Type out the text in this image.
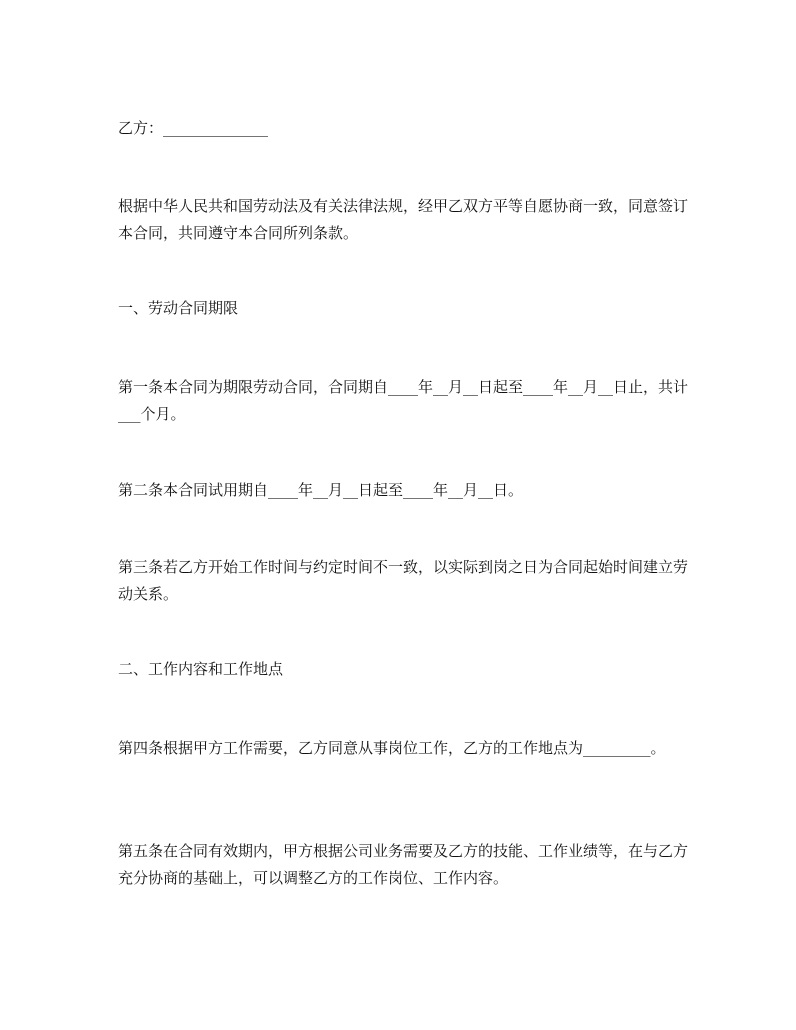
乙方：______________

根据中华人民共和国劳动法及有关法律法规，经甲乙双方平等自愿协商一致，同意签订本合同，共同遵守本合同所列条款。

一、劳动合同期限

第一条本合同为期限劳动合同，合同期自____年__月__日起至____年__月__日止，共计___个月。

第二条本合同试用期自____年__月__日起至____年__月__日。

第三条若乙方开始工作时间与约定时间不一致，以实际到岗之日为合同起始时间建立劳动关系。

二、工作内容和工作地点

第四条根据甲方工作需要，乙方同意从事岗位工作，乙方的工作地点为_________。

第五条在合同有效期内，甲方根据公司业务需要及乙方的技能、工作业绩等，在与乙方充分协商的基础上，可以调整乙方的工作岗位、工作内容。
